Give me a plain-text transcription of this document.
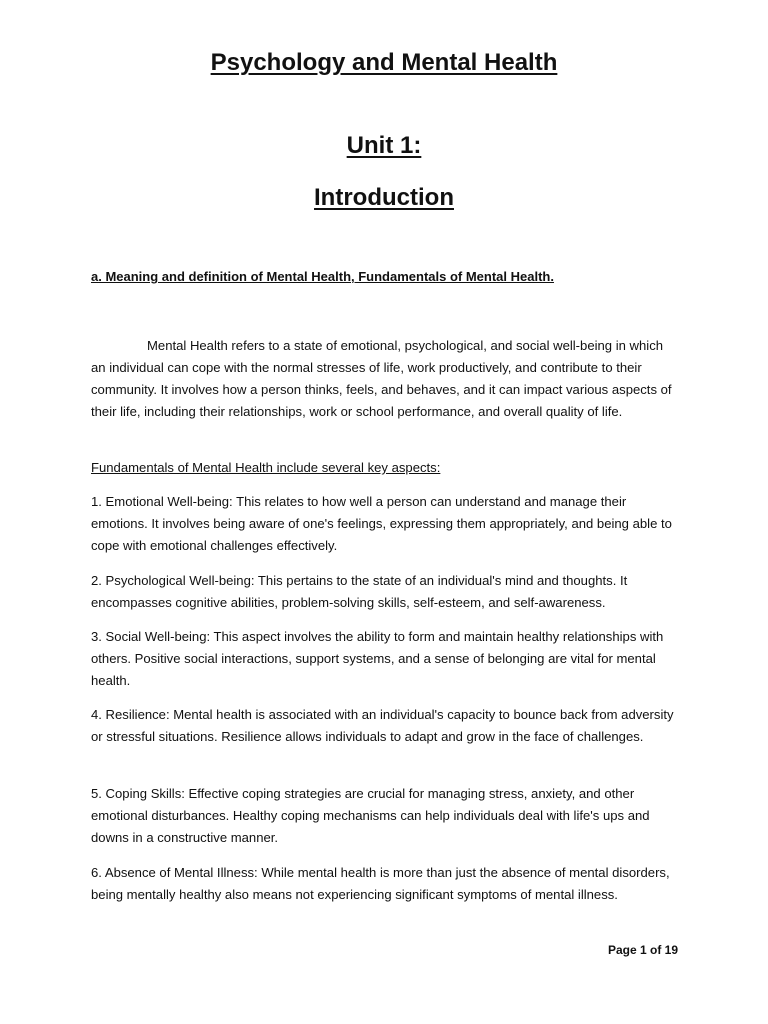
Psychology and Mental Health
Unit 1:
Introduction

a. Meaning and definition of Mental Health, Fundamentals of Mental Health.

Mental Health refers to a state of emotional, psychological, and social well-being in which an individual can cope with the normal stresses of life, work productively, and contribute to their community. It involves how a person thinks, feels, and behaves, and it can impact various aspects of their life, including their relationships, work or school performance, and overall quality of life.

Fundamentals of Mental Health include several key aspects:

1. Emotional Well-being: This relates to how well a person can understand and manage their emotions. It involves being aware of one's feelings, expressing them appropriately, and being able to cope with emotional challenges effectively.

2. Psychological Well-being: This pertains to the state of an individual's mind and thoughts. It encompasses cognitive abilities, problem-solving skills, self-esteem, and self-awareness.

3. Social Well-being: This aspect involves the ability to form and maintain healthy relationships with others. Positive social interactions, support systems, and a sense of belonging are vital for mental health.

4. Resilience: Mental health is associated with an individual's capacity to bounce back from adversity or stressful situations. Resilience allows individuals to adapt and grow in the face of challenges.

5. Coping Skills: Effective coping strategies are crucial for managing stress, anxiety, and other emotional disturbances. Healthy coping mechanisms can help individuals deal with life's ups and downs in a constructive manner.

6. Absence of Mental Illness: While mental health is more than just the absence of mental disorders, being mentally healthy also means not experiencing significant symptoms of mental illness.

Page 1 of 19
